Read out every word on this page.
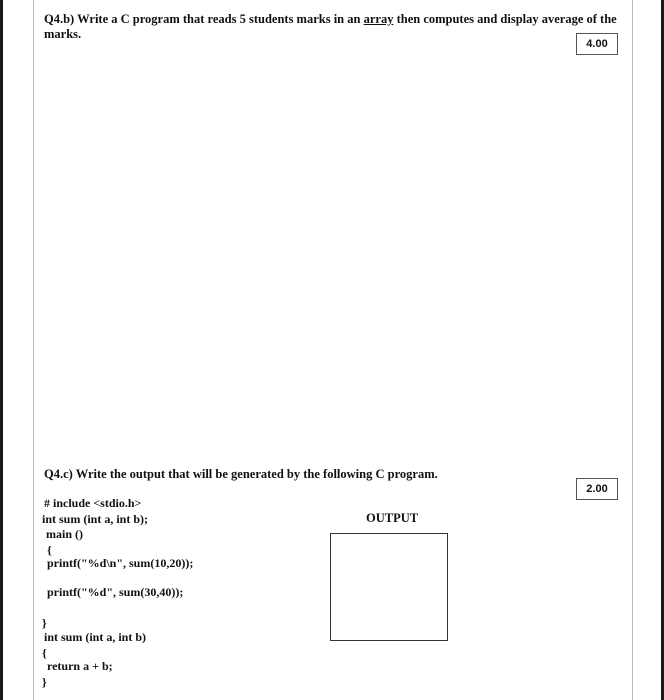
Q4.b) Write a C program that reads 5 students marks in an array then computes and display average of the marks.
4.00
Q4.c) Write the output that will be generated by the following C program.
2.00
# include <stdio.h>
int sum (int a, int b);
main ()
{
printf("%d\n", sum(10,20));
printf("%d", sum(30,40));
}
int sum (int a, int b)
{
return a + b;
}
OUTPUT
